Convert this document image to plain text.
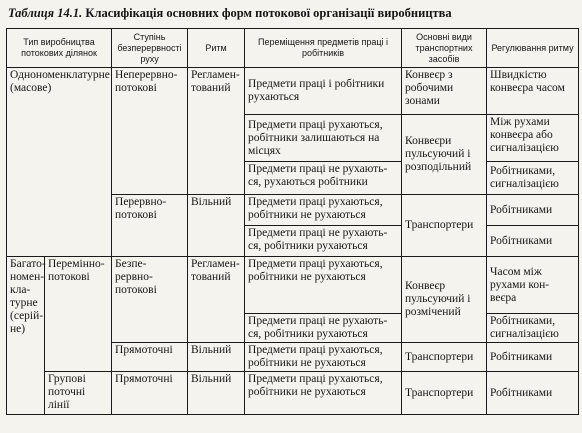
Таблиця 14.1. Класифікація основних форм потокової організації виробництва
Тип виробництва потокових ділянок		Ступінь безперервності руху	Ритм	Переміщення предметів праці і робітників	Основні види транспортних засобів	Регулювання ритму
Однономенклатурне (масове)		Неперервно-потокові	Регламен-тований	Предмети праці і робітники рухаються	Конвеєр з робочими зонами	Швидкістю конвеєра часом
				Предмети праці рухаються, робітники залишаються на місцях	Конвеєри пульсуючий і розподільний	Між рухами конвеєра або сигналізацією
				Предмети праці не рухають-ся, рухаються робітники		Робітниками, сигналізацією
		Перервно-потокові	Вільний	Предмети праці рухаються, робітники не рухаються	Транспортери	Робітниками
				Предмети праці не рухають-ся, робітники рухаються		Робітниками
Багато-номен-кла-турне (серій-не)	Перемінно-потокові	Безпе-рервно-потокові	Регламен-тований	Предмети праці рухаються, робітники не рухаються	Конвеєр пульсуючий і розмічений	Часом між рухами кон-веєра
				Предмети праці не рухають-ся, робітники рухаються		Робітниками, сигналізацією
		Прямоточні	Вільний	Предмети праці рухаються, робітники не рухаються	Транспортери	Робітниками
	Групові поточні лінії	Прямоточні	Вільний	Предмети праці рухаються, робітники не рухаються	Транспортери	Робітниками
